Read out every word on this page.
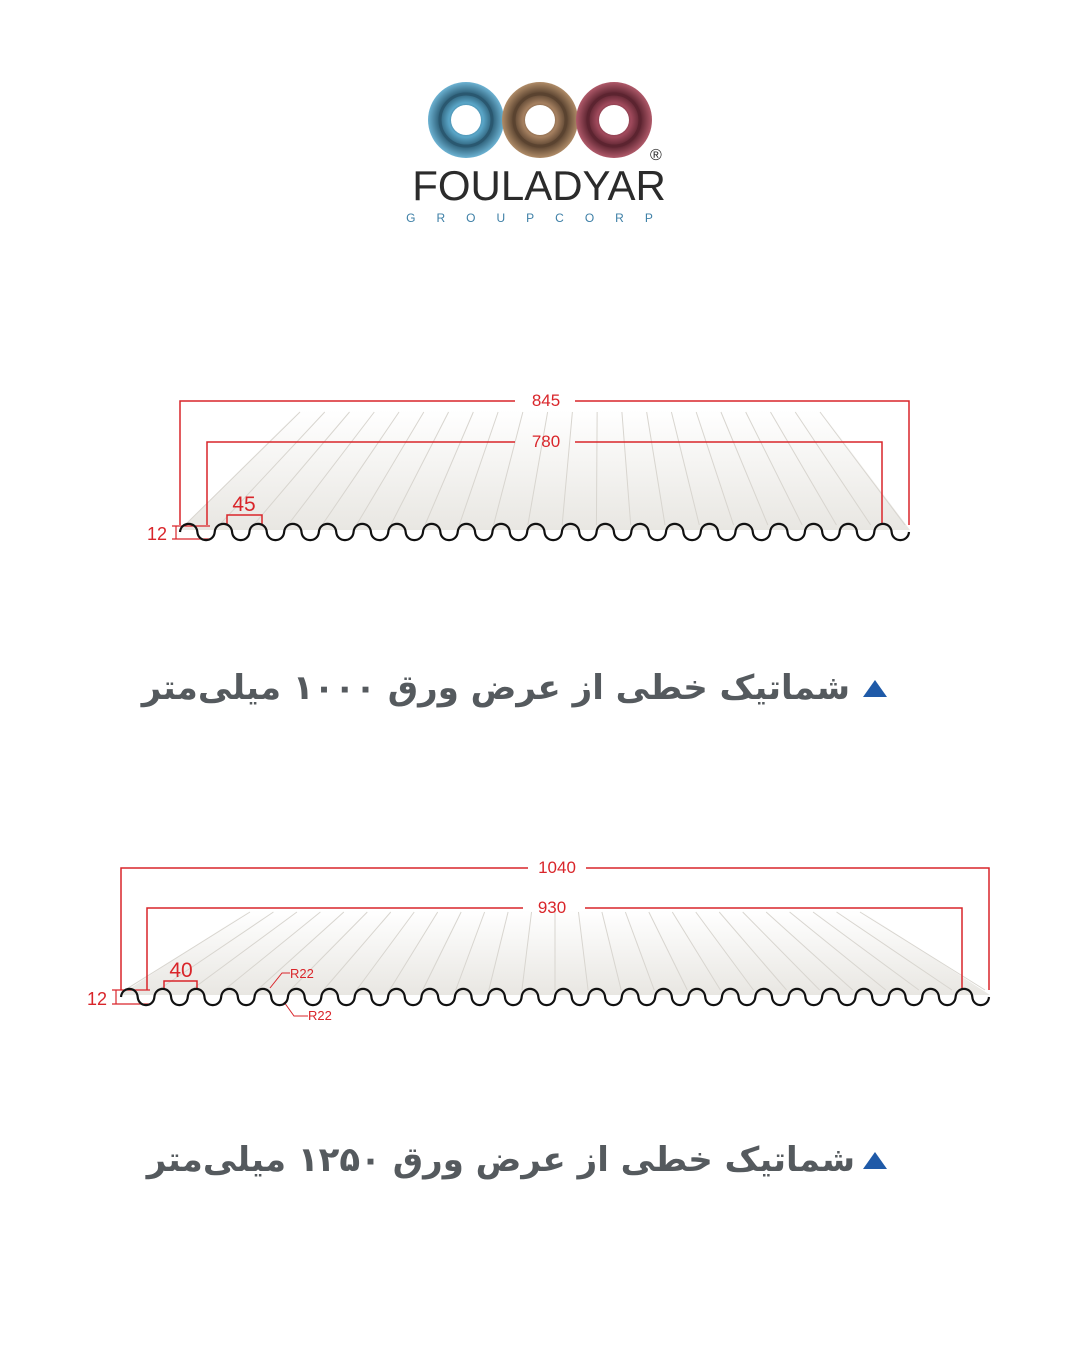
®
FOULADYAR
GROUPCORP
845
780
45
12
شماتیک خطی از عرض ورق ۱۰۰۰ میلی‌متر
1040
930
40
12
R22
R22
شماتیک خطی از عرض ورق ۱۲۵۰ میلی‌متر
